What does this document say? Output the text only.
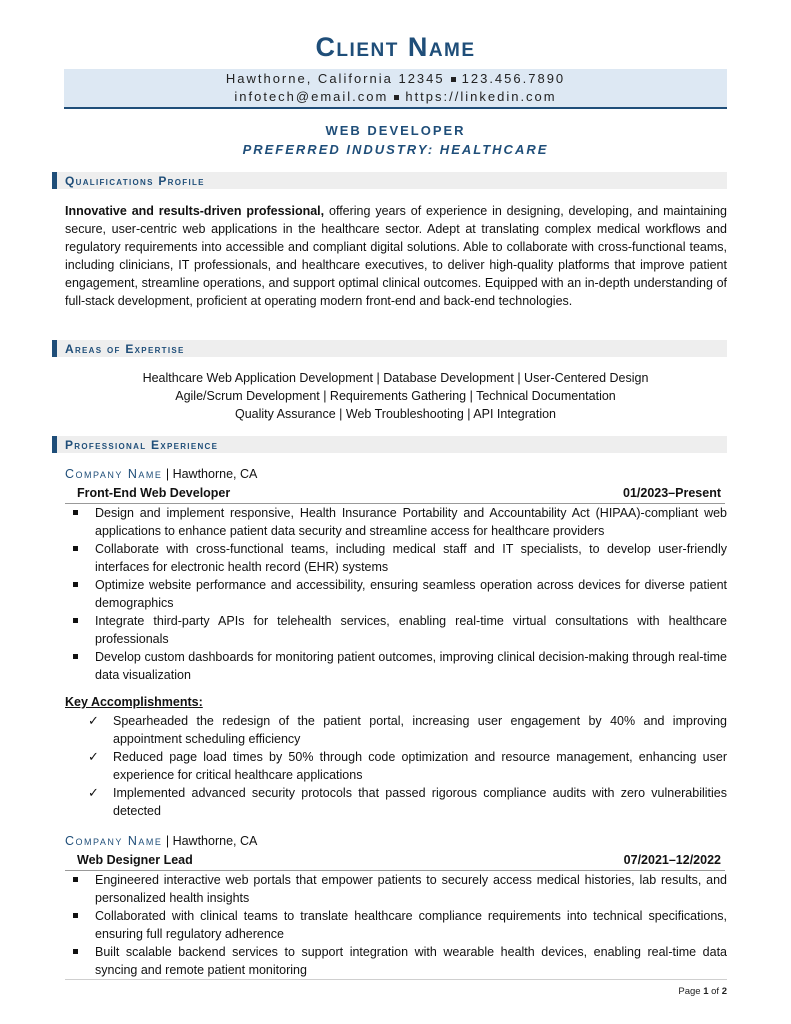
Client Name
Hawthorne, California 12345 123.456.7890
infotech@email.com https://linkedin.com
WEB DEVELOPER
PREFERRED INDUSTRY: HEALTHCARE
Qualifications Profile
Innovative and results-driven professional, offering years of experience in designing, developing, and maintaining secure, user-centric web applications in the healthcare sector. Adept at translating complex medical workflows and regulatory requirements into accessible and compliant digital solutions. Able to collaborate with cross-functional teams, including clinicians, IT professionals, and healthcare executives, to deliver high-quality platforms that improve patient engagement, streamline operations, and support optimal clinical outcomes. Equipped with an in-depth understanding of full-stack development, proficient at operating modern front-end and back-end technologies.
Areas of Expertise
Healthcare Web Application Development | Database Development | User-Centered Design
Agile/Scrum Development | Requirements Gathering | Technical Documentation
Quality Assurance | Web Troubleshooting | API Integration
Professional Experience
Company Name | Hawthorne, CA
Front-End Web Developer	01/2023–Present
Design and implement responsive, Health Insurance Portability and Accountability Act (HIPAA)-compliant web applications to enhance patient data security and streamline access for healthcare providers
Collaborate with cross-functional teams, including medical staff and IT specialists, to develop user-friendly interfaces for electronic health record (EHR) systems
Optimize website performance and accessibility, ensuring seamless operation across devices for diverse patient demographics
Integrate third-party APIs for telehealth services, enabling real-time virtual consultations with healthcare professionals
Develop custom dashboards for monitoring patient outcomes, improving clinical decision-making through real-time data visualization
Key Accomplishments:
✓ Spearheaded the redesign of the patient portal, increasing user engagement by 40% and improving appointment scheduling efficiency
✓ Reduced page load times by 50% through code optimization and resource management, enhancing user experience for critical healthcare applications
✓ Implemented advanced security protocols that passed rigorous compliance audits with zero vulnerabilities detected
Company Name | Hawthorne, CA
Web Designer Lead	07/2021–12/2022
Engineered interactive web portals that empower patients to securely access medical histories, lab results, and personalized health insights
Collaborated with clinical teams to translate healthcare compliance requirements into technical specifications, ensuring full regulatory adherence
Built scalable backend services to support integration with wearable health devices, enabling real-time data syncing and remote patient monitoring
Page 1 of 2
